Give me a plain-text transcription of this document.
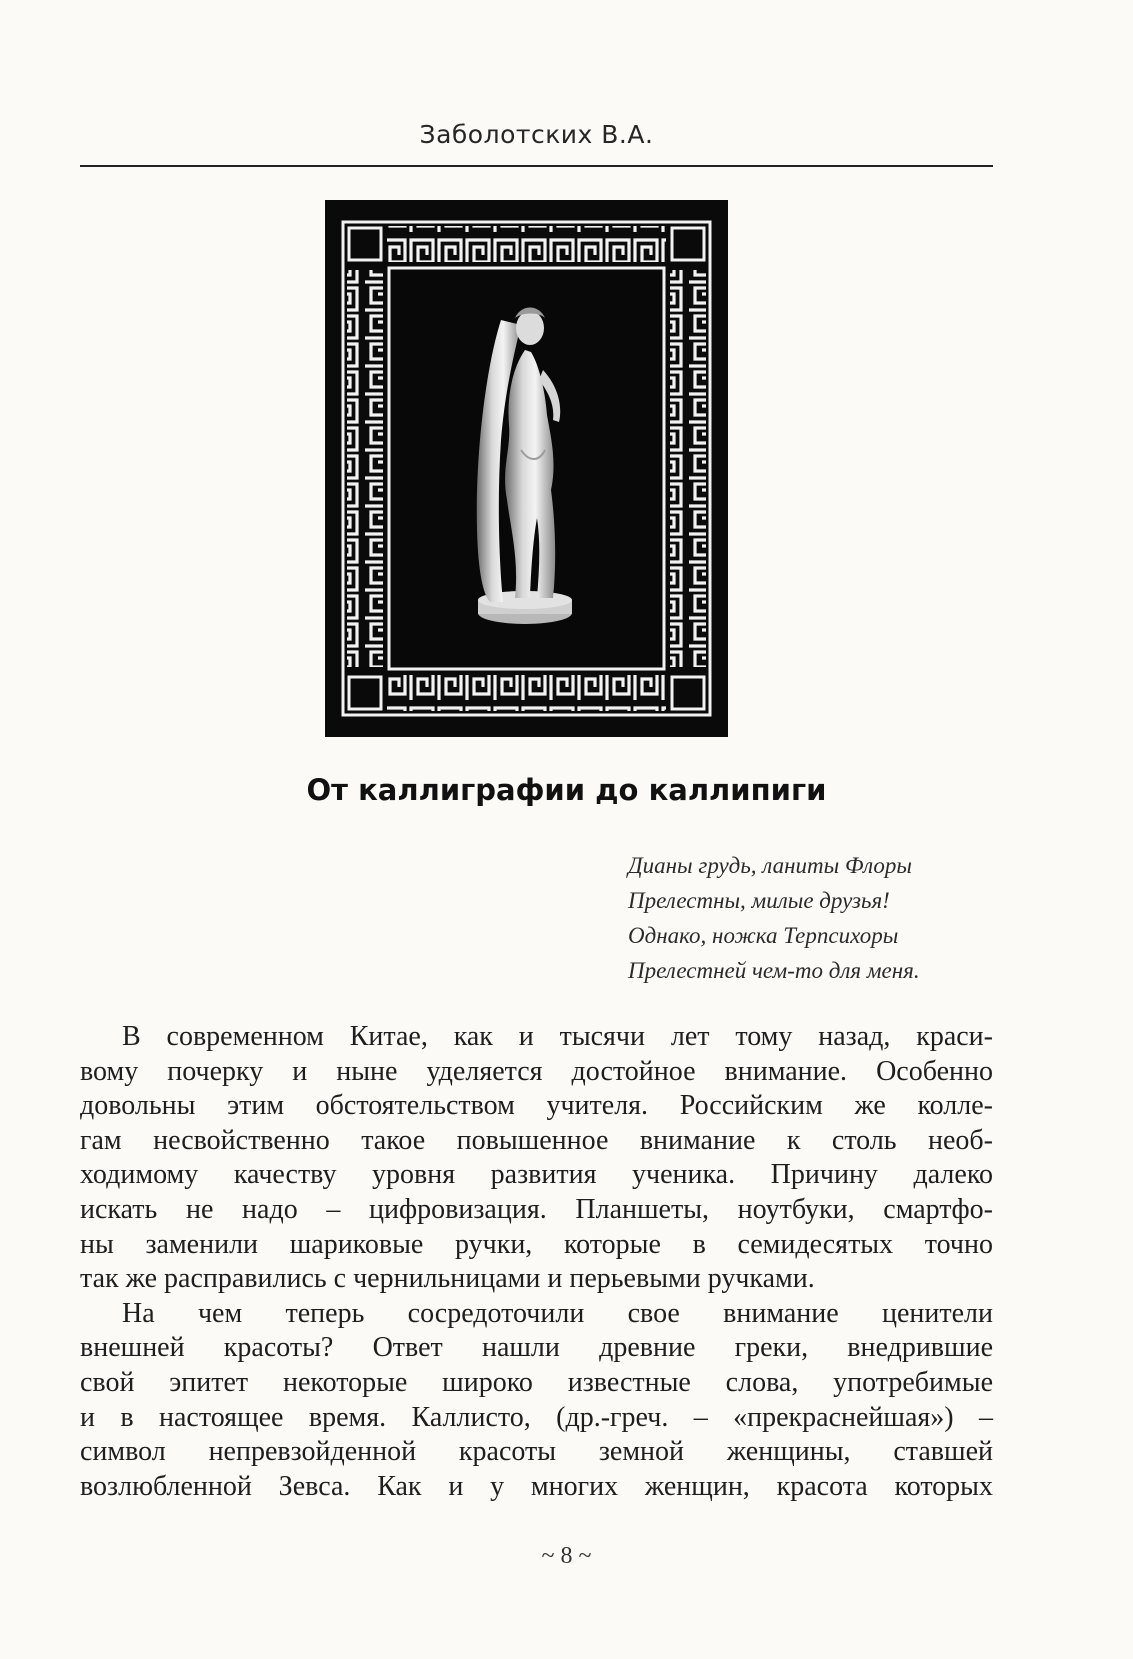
Заболотских В.А.
От каллиграфии до каллипиги
Дианы грудь, ланиты Флоры
Прелестны, милые друзья!
Однако, ножка Терпсихоры
Прелестней чем-то для меня.
В современном Китае, как и тысячи лет тому назад, краси-
вому почерку и ныне уделяется достойное внимание. Особенно
довольны этим обстоятельством учителя. Российским же колле-
гам несвойственно такое повышенное внимание к столь необ-
ходимому качеству уровня развития ученика. Причину далеко
искать не надо – цифровизация. Планшеты, ноутбуки, смартфо-
ны заменили шариковые ручки, которые в семидесятых точно
так же расправились с чернильницами и перьевыми ручками.
На чем теперь сосредоточили свое внимание ценители
внешней красоты? Ответ нашли древние греки, внедрившие
свой эпитет некоторые широко известные слова, употребимые
и в настоящее время. Каллисто, (др.-греч. – «прекраснейшая») –
символ непревзойденной красоты земной женщины, ставшей
возлюбленной Зевса. Как и у многих женщин, красота которых
~ 8 ~
